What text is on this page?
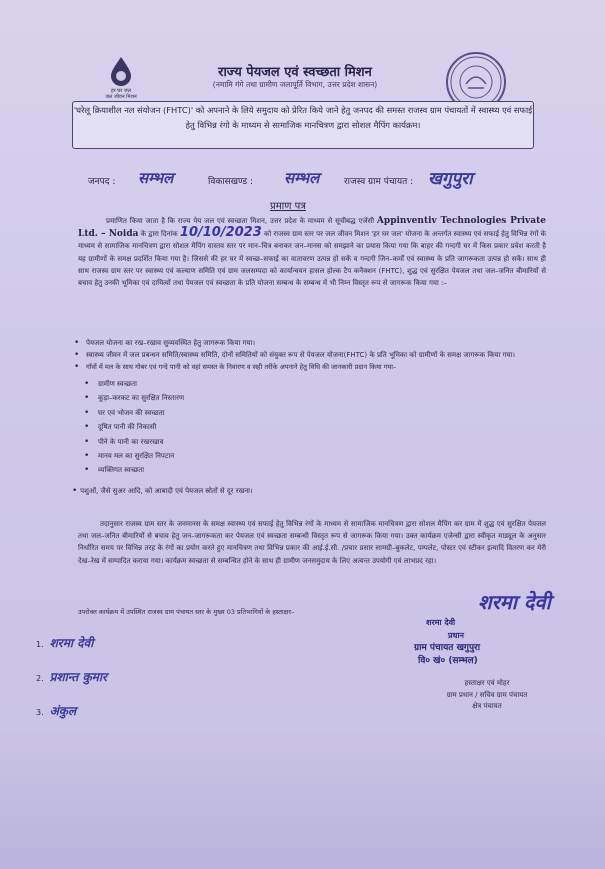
हर घर जल
जल जीवन मिशन
राज्य पेयजल एवं स्वच्छता मिशन
(नमामि गंगे तथा ग्रामीण जलापूर्ति विभाग, उत्तर प्रदेश शासन)
'घरेलू क्रियाशील नल संयोजन (FHTC)' को अपनाने के लिये समुदाय को प्रेरित किये जाने हेतु जनपद की समस्त राजस्व ग्राम पंचायतों में स्वास्थ्य एवं सफाई हेतु विभिन्न रंगो के माध्यम से सामाजिक मानचित्रण द्वारा सोशल मैपिंग कार्यक्रम।
जनपद : सम्भल	विकासखण्ड : सम्भल	राजस्व ग्राम पंचायत : खगुपुरा
प्रमाण पत्र
प्रमाणित किया जाता है कि राज्य पेय जल एवं स्वच्छता मिशन, उत्तर प्रदेश के माध्यम से सूचीबद्ध एजेंसी Appinventiv Technologies Private Ltd. – Noida के द्वारा दिनांक 10/10/2023 को राजस्व ग्राम स्तर पर जल जीवन मिशन 'हर घर जल' योजना के अन्तर्गत स्वास्थ्य एवं सफाई हेतु विभिन्न रंगों के माध्यम से सामाजिक मानचित्रण द्वारा सोशल मैपिंग वास्तव स्तर पर मान–चित्र बनाकर जन–मानस को समझाने का प्रयास किया गया कि बाहर की गन्दगी घर में किस प्रकार प्रवेश करती है यह ग्रामीणों के समक्ष प्रदर्शित किया गया है। जिससे की हर घर में स्वच्छ–सफाई का वातावरण उत्पन्न हो सकें व गन्दगी जिन–कर्मों एवं स्वास्थ्य के प्रति जागरूकता उत्पन्न हो सकें। साथ ही साथ राजस्व ग्राम स्तर पर स्वास्थ्य एवं कल्याण समिति एवं ग्राम जलसम्पदा को कार्यान्वयन हासल होल्क टैप कनैक्शन (FHTC), शुद्ध एवं सुरक्षित पेयजल तथा जल–जनित बीमारियों से बचाव हेतु उनकी भूमिका एवं दायित्वों तथा पेयजल एवं स्वच्छता के प्रति योजना सम्बन्ध के सम्बन्ध में भी निम्न विस्तृत रूप से जागरूक किया गया :–
• पेयजल योजना का रख–रखाव सुव्यवस्थित हेतु जागरूक किया गया।
• स्वास्थ्य जीवन में जल प्रबन्धन समिति/स्वास्थ्य समिति, दोनों समितियों को संयुक्त रूप से पेयजल योजना(FHTC) के प्रति भूमिका को ग्रामीणों के समक्ष जागरूक किया गया।
• गाँवों में मल के साथ गोबर एवं गन्दे पानी को वहां समस्त के निवारण व सही तरीके अपनाने हेतु विधि की जानकारी प्रदान किया गया–
• ग्रामीण स्वच्छता
• कूड़ा–करकट का सुरक्षित निस्तारण
• घर एवं भोजन की स्वच्छता
• दूषित पानी की निकासी
• पीने के पानी का रखरखाव
• मानव मल का सुरक्षित निपटान
• व्यक्तिगत स्वच्छता
• पशुओं, जैसे सुअर आदि, को आबादी एवं पेयजल स्रोतों से दूर रखना।
तदानुसार राजस्व ग्राम स्तर के जनमानस के समक्ष स्वास्थ्य एवं सफाई हेतु विभिन्न रंगों के माध्यम से सामाजिक मानचित्रण द्वारा सोशल मैपिंग कर ग्राम में शुद्ध एवं सुरक्षित पेयजल तथा जल–जनित बीमारियों से बचाव हेतु जन–जागरूकता कर पेयजल एवं स्वच्छता सम्बन्धी विस्तृत रूप से जागरूक किया गया। उक्त कार्यक्रम एजेन्सी द्वारा स्वीकृत माड्यूल के अनुसार निर्धारित समय पर विभिन्न तरह के रंगों का प्रयोग करते हुए मानचित्रण तथा विभिन्न प्रकार की आई.ई.सी. /प्रचार प्रसार सामग्री–बुकलेट, पम्पलेट, पोस्टर एवं स्टीकर इत्यादि वितरण कर मेरी देख–रेख में सम्पादित कराया गया। कार्यक्रम स्वच्छता से सम्बन्धित होने के साथ ही ग्रामीण जनसमुदाय के लिए अत्यन्त उपयोगी एवं लाभप्रद रहा।
उपरोक्त कार्यक्रम में उपस्थित राजस्व ग्राम पंचायत स्तर के मुख्य 03 प्रतिभागियों के हस्ताक्षर–
1. शरमा देवी
2. प्रशान्त कुमार
3. अंकुल
शरमा देवी
शरमा देवी
प्रधान
ग्राम पंचायत खगुपुरा
वि० खं० (सम्भल)
हस्ताक्षर एवं मोहर
ग्राम प्रधान / सचिव ग्राम पंचायत
क्षेत्र पंचायत
